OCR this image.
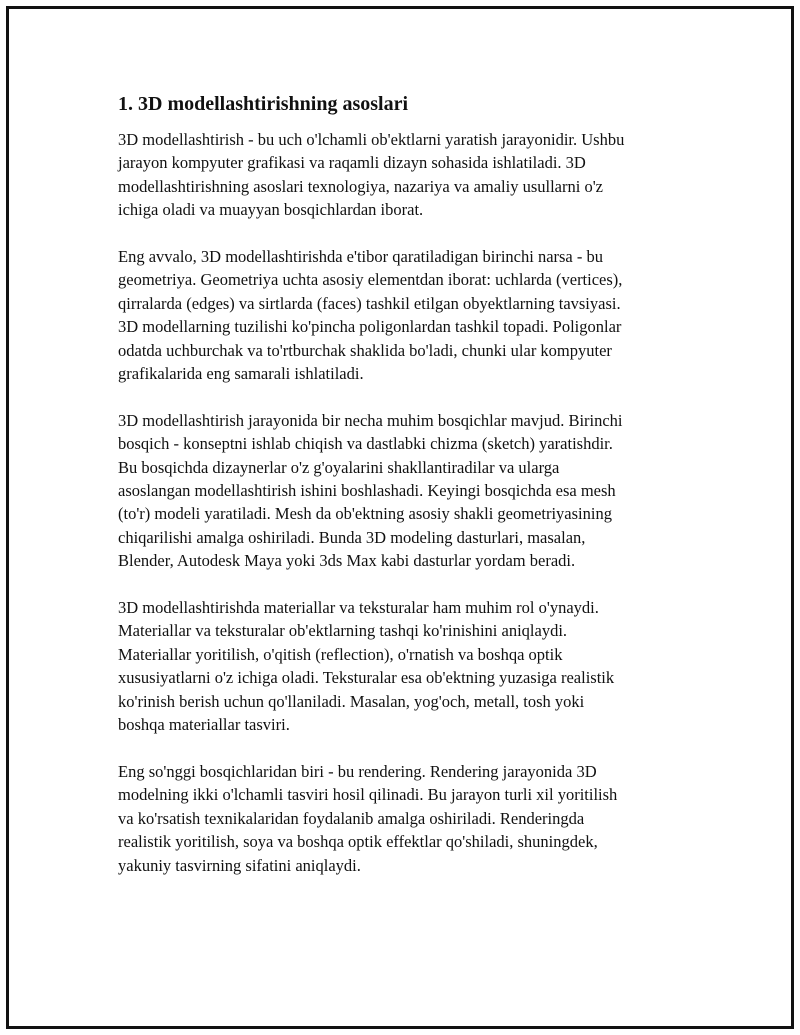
1. 3D modellashtirishning asoslari

3D modellashtirish - bu uch o'lchamli ob'ektlarni yaratish jarayonidir. Ushbu
jarayon kompyuter grafikasi va raqamli dizayn sohasida ishlatiladi. 3D
modellashtirishning asoslari texnologiya, nazariya va amaliy usullarni o'z
ichiga oladi va muayyan bosqichlardan iborat.

Eng avvalo, 3D modellashtirishda e'tibor qaratiladigan birinchi narsa - bu
geometriya. Geometriya uchta asosiy elementdan iborat: uchlarda (vertices),
qirralarda (edges) va sirtlarda (faces) tashkil etilgan obyektlarning tavsiyasi.
3D modellarning tuzilishi ko'pincha poligonlardan tashkil topadi. Poligonlar
odatda uchburchak va to'rtburchak shaklida bo'ladi, chunki ular kompyuter
grafikalarida eng samarali ishlatiladi.

3D modellashtirish jarayonida bir necha muhim bosqichlar mavjud. Birinchi
bosqich - konseptni ishlab chiqish va dastlabki chizma (sketch) yaratishdir.
Bu bosqichda dizaynerlar o'z g'oyalarini shakllantiradilar va ularga
asoslangan modellashtirish ishini boshlashadi. Keyingi bosqichda esa mesh
(to'r) modeli yaratiladi. Mesh da ob'ektning asosiy shakli geometriyasining
chiqarilishi amalga oshiriladi. Bunda 3D modeling dasturlari, masalan,
Blender, Autodesk Maya yoki 3ds Max kabi dasturlar yordam beradi.

3D modellashtirishda materiallar va teksturalar ham muhim rol o'ynaydi.
Materiallar va teksturalar ob'ektlarning tashqi ko'rinishini aniqlaydi.
Materiallar yoritilish, o'qitish (reflection), o'rnatish va boshqa optik
xususiyatlarni o'z ichiga oladi. Teksturalar esa ob'ektning yuzasiga realistik
ko'rinish berish uchun qo'llaniladi. Masalan, yog'och, metall, tosh yoki
boshqa materiallar tasviri.

Eng so'nggi bosqichlaridan biri - bu rendering. Rendering jarayonida 3D
modelning ikki o'lchamli tasviri hosil qilinadi. Bu jarayon turli xil yoritilish
va ko'rsatish texnikalaridan foydalanib amalga oshiriladi. Renderingda
realistik yoritilish, soya va boshqa optik effektlar qo'shiladi, shuningdek,
yakuniy tasvirning sifatini aniqlaydi.
